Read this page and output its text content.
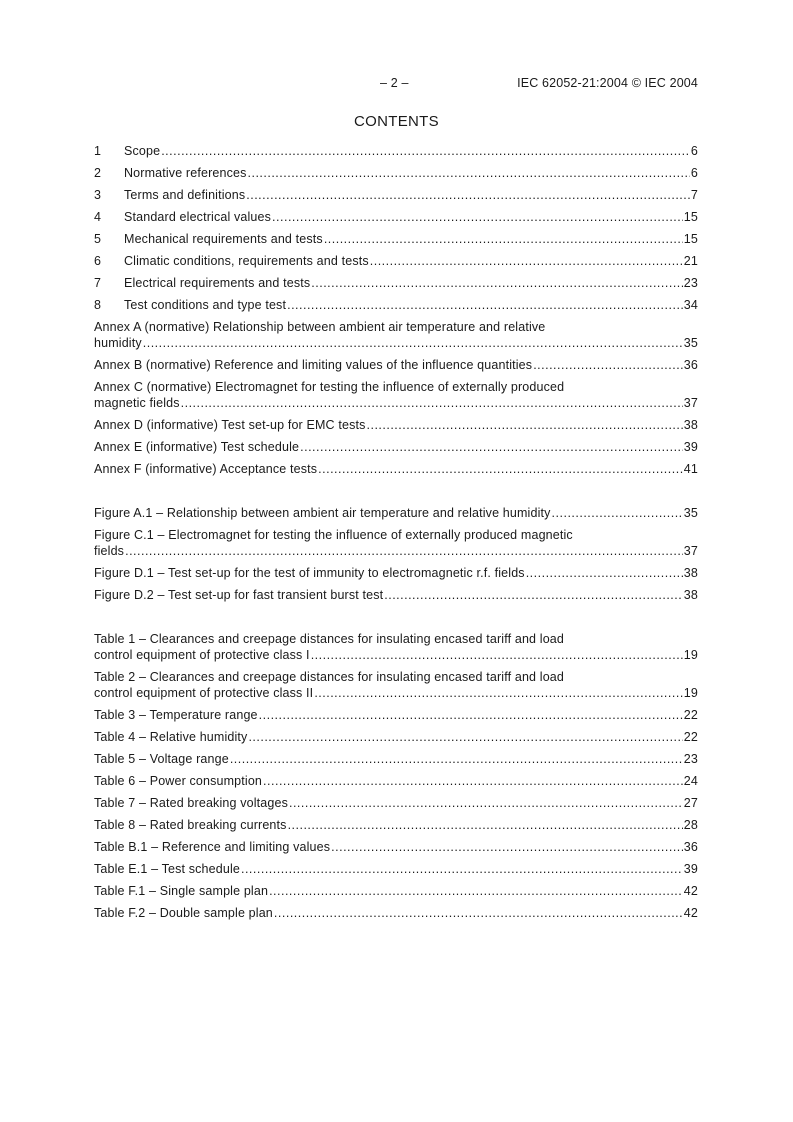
– 2 –	IEC 62052-21:2004 © IEC 2004
CONTENTS
1	Scope .....	6
2	Normative references .....	6
3	Terms and definitions .....	7
4	Standard electrical values .....	15
5	Mechanical requirements and tests .....	15
6	Climatic conditions, requirements and tests .....	21
7	Electrical requirements and tests .....	23
8	Test conditions and type test .....	34
Annex A (normative) Relationship between ambient air temperature and relative
humidity .....	35
Annex B (normative) Reference and limiting values of the influence quantities .....	36
Annex C (normative) Electromagnet for testing the influence of externally produced
magnetic fields .....	37
Annex D (informative) Test set-up for EMC tests .....	38
Annex E (informative) Test schedule .....	39
Annex F (informative) Acceptance tests .....	41
Figure A.1 – Relationship between ambient air temperature and relative humidity .....	35
Figure C.1 – Electromagnet for testing the influence of externally produced magnetic
fields .....	37
Figure D.1 – Test set-up for the test of immunity to electromagnetic r.f. fields .....	38
Figure D.2 – Test set-up for fast transient burst test .....	38
Table 1 – Clearances and creepage distances for insulating encased tariff and load
control equipment of protective class I .....	19
Table 2 – Clearances and creepage distances for insulating encased tariff and load
control equipment of protective class II .....	19
Table 3 – Temperature range .....	22
Table 4 – Relative humidity .....	22
Table 5 – Voltage range .....	23
Table 6 – Power consumption .....	24
Table 7 – Rated breaking voltages .....	27
Table 8 – Rated breaking currents .....	28
Table B.1 – Reference and limiting values .....	36
Table E.1 – Test schedule .....	39
Table F.1 – Single sample plan .....	42
Table F.2 – Double sample plan .....	42
